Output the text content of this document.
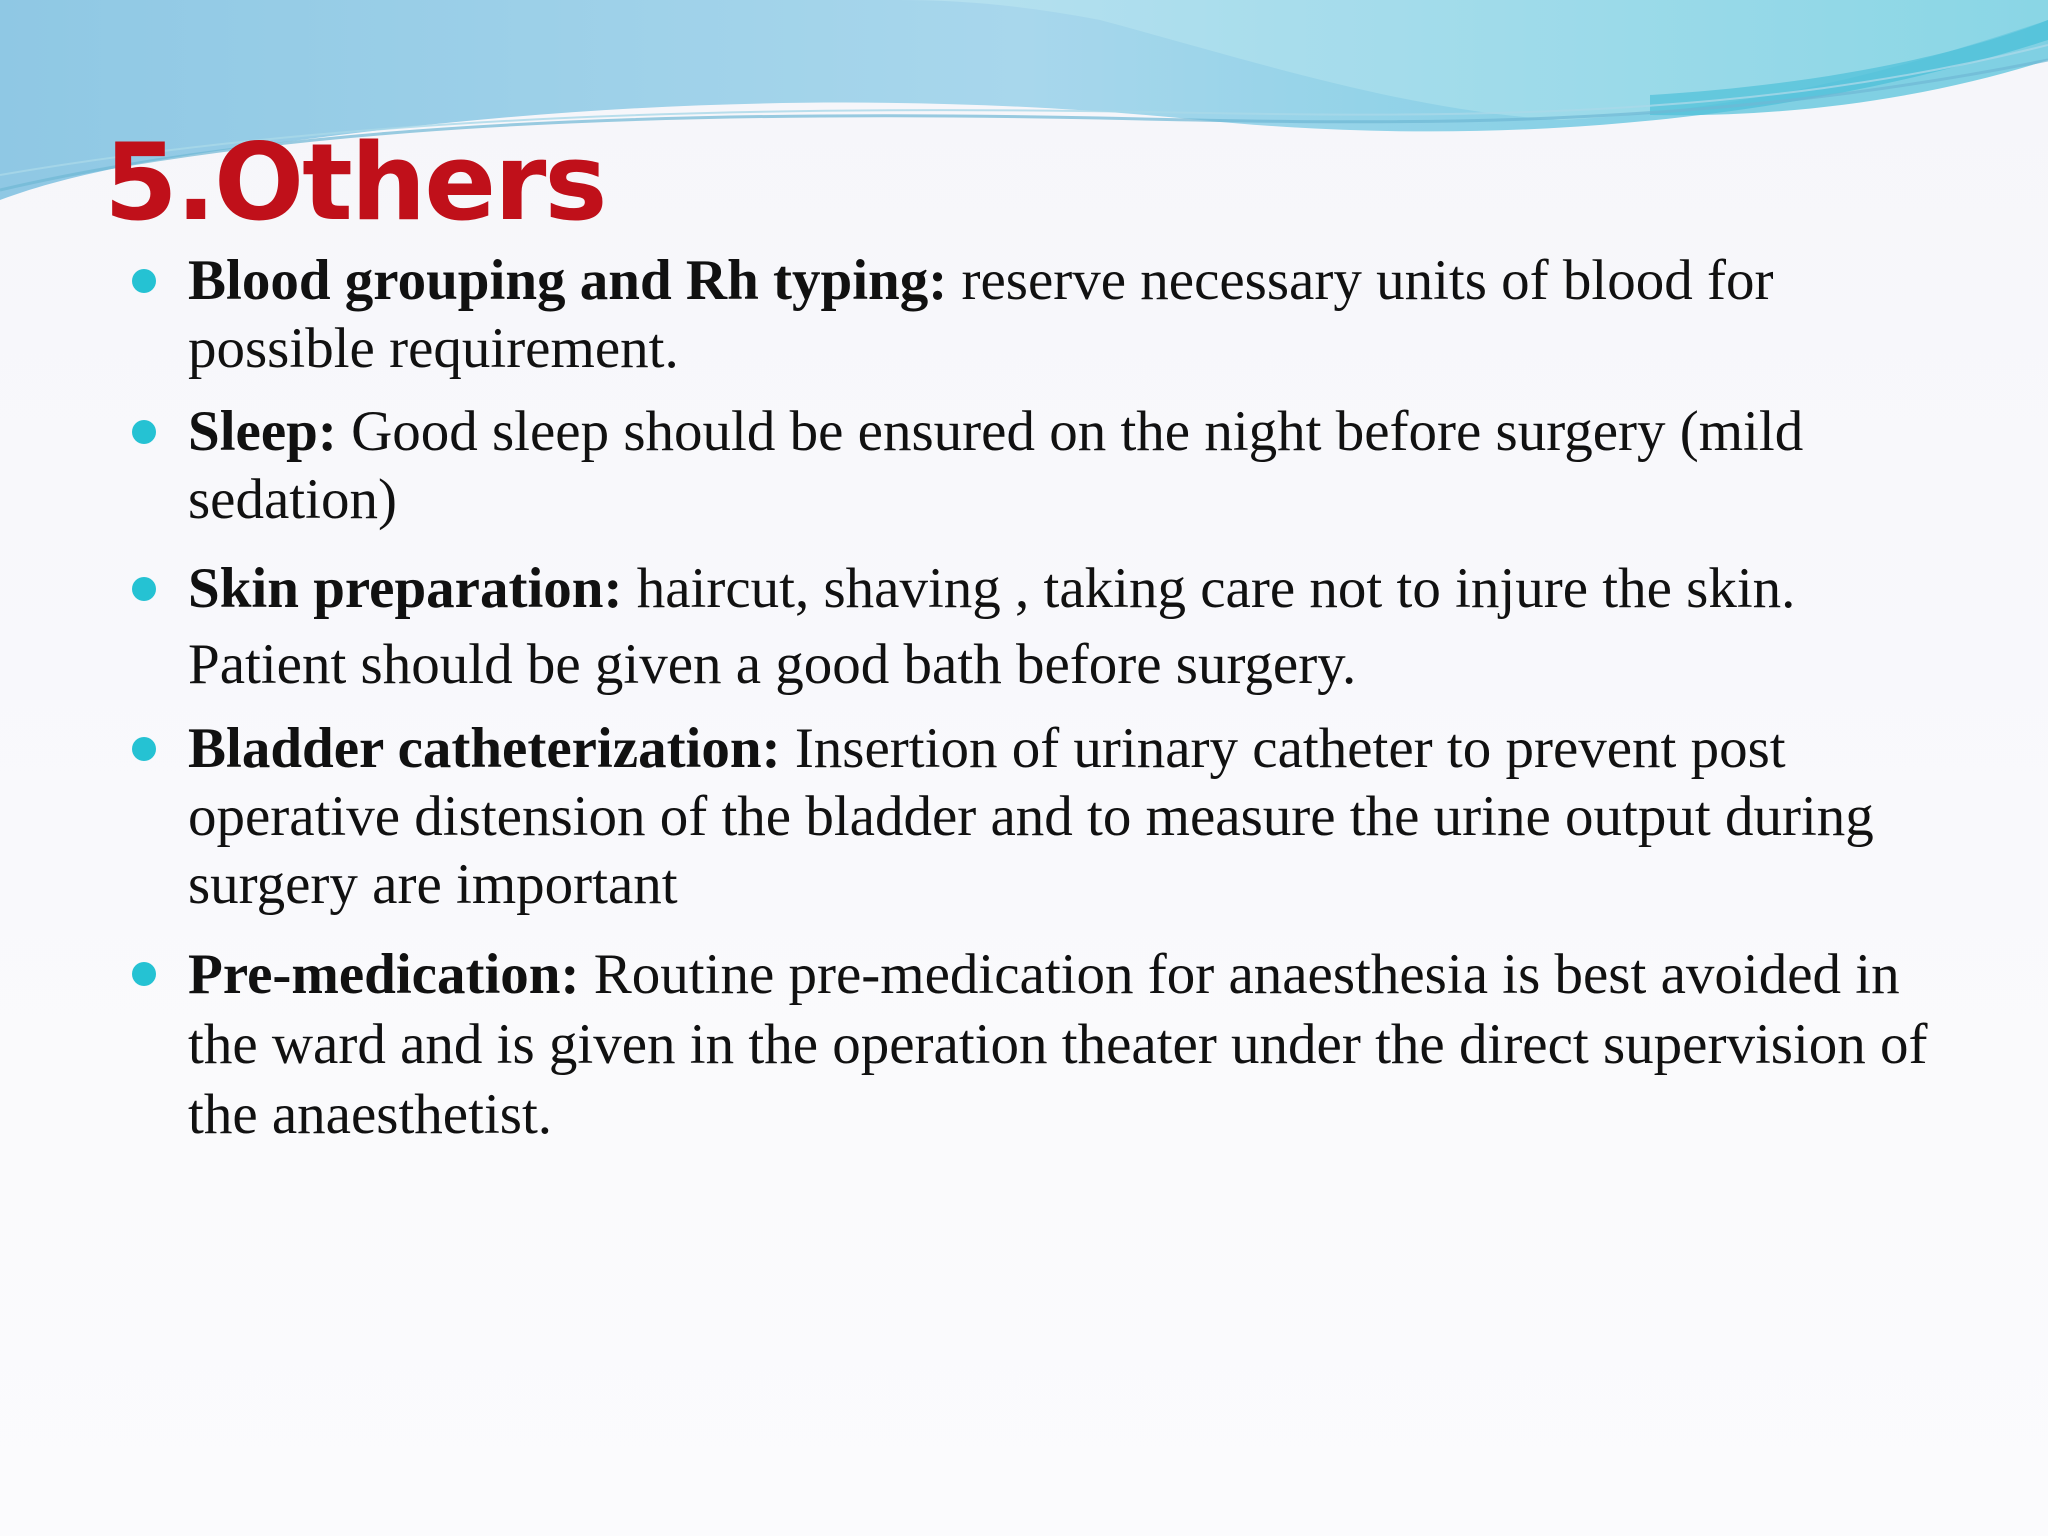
5.Others

Blood grouping and Rh typing: reserve necessary units of blood for possible requirement.

Sleep: Good sleep should be ensured on the night before surgery (mild sedation)

Skin preparation: haircut, shaving , taking care not to injure the skin. Patient should be given a good bath before surgery.

Bladder catheterization: Insertion of urinary catheter to prevent post operative distension of the bladder and to measure the urine output during surgery are important

Pre-medication: Routine pre-medication for anaesthesia is best avoided in the ward and is given in the operation theater under the direct supervision of the anaesthetist.
